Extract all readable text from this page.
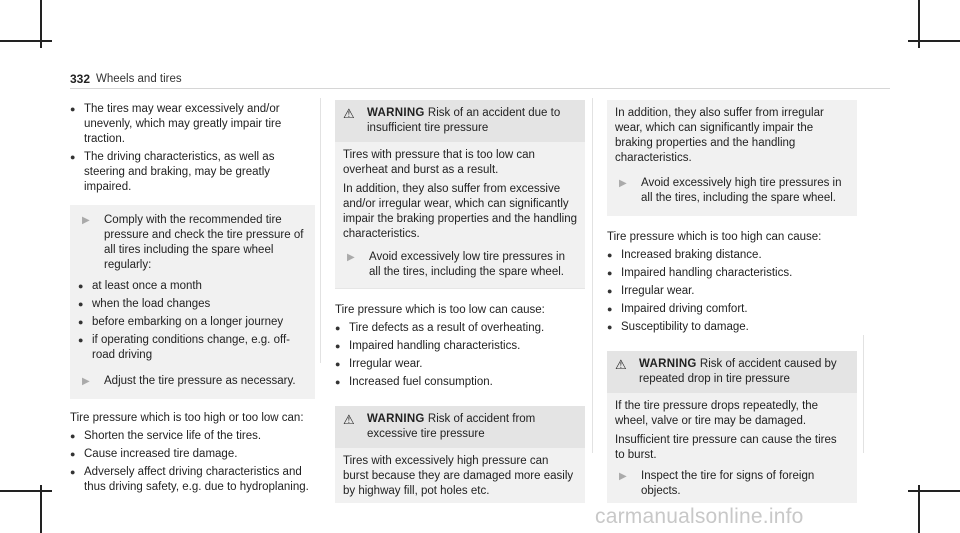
332 Wheels and tires
● The tires may wear excessively and/or unevenly, which may greatly impair tire traction.
● The driving characteristics, as well as steering and braking, may be greatly impaired.
▶	Comply with the recommended tire pressure and check the tire pressure of all tires including the spare wheel regularly:
● at least once a month
● when the load changes
● before embarking on a longer journey
● if operating conditions change, e.g. off-road driving
▶	Adjust the tire pressure as necessary.

Tire pressure which is too high or too low can:

● Shorten the service life of the tires.
● Cause increased tire damage.
● Adversely affect driving characteristics and thus driving safety, e.g. due to hydroplaning.
⚠	WARNING Risk of an accident due to insufficient tire pressure

Tires with pressure that is too low can overheat and burst as a result.

In addition, they also suffer from excessive and/or irregular wear, which can significantly impair the braking properties and the handling characteristics.

▶	Avoid excessively low tire pressures in all the tires, including the spare wheel.

Tire pressure which is too low can cause:

● Tire defects as a result of overheating.
● Impaired handling characteristics.
● Irregular wear.
● Increased fuel consumption.
⚠	WARNING Risk of accident from excessive tire pressure

Tires with excessively high pressure can burst because they are damaged more easily by highway fill, pot holes etc.

In addition, they also suffer from irregular wear, which can significantly impair the braking properties and the handling characteristics.

▶	Avoid excessively high tire pressures in all the tires, including the spare wheel.

Tire pressure which is too high can cause:

● Increased braking distance.
● Impaired handling characteristics.
● Irregular wear.
● Impaired driving comfort.
● Susceptibility to damage.
⚠	WARNING Risk of accident caused by repeated drop in tire pressure

If the tire pressure drops repeatedly, the wheel, valve or tire may be damaged.

Insufficient tire pressure can cause the tires to burst.

▶	Inspect the tire for signs of foreign objects.
carmanualsonline.info
